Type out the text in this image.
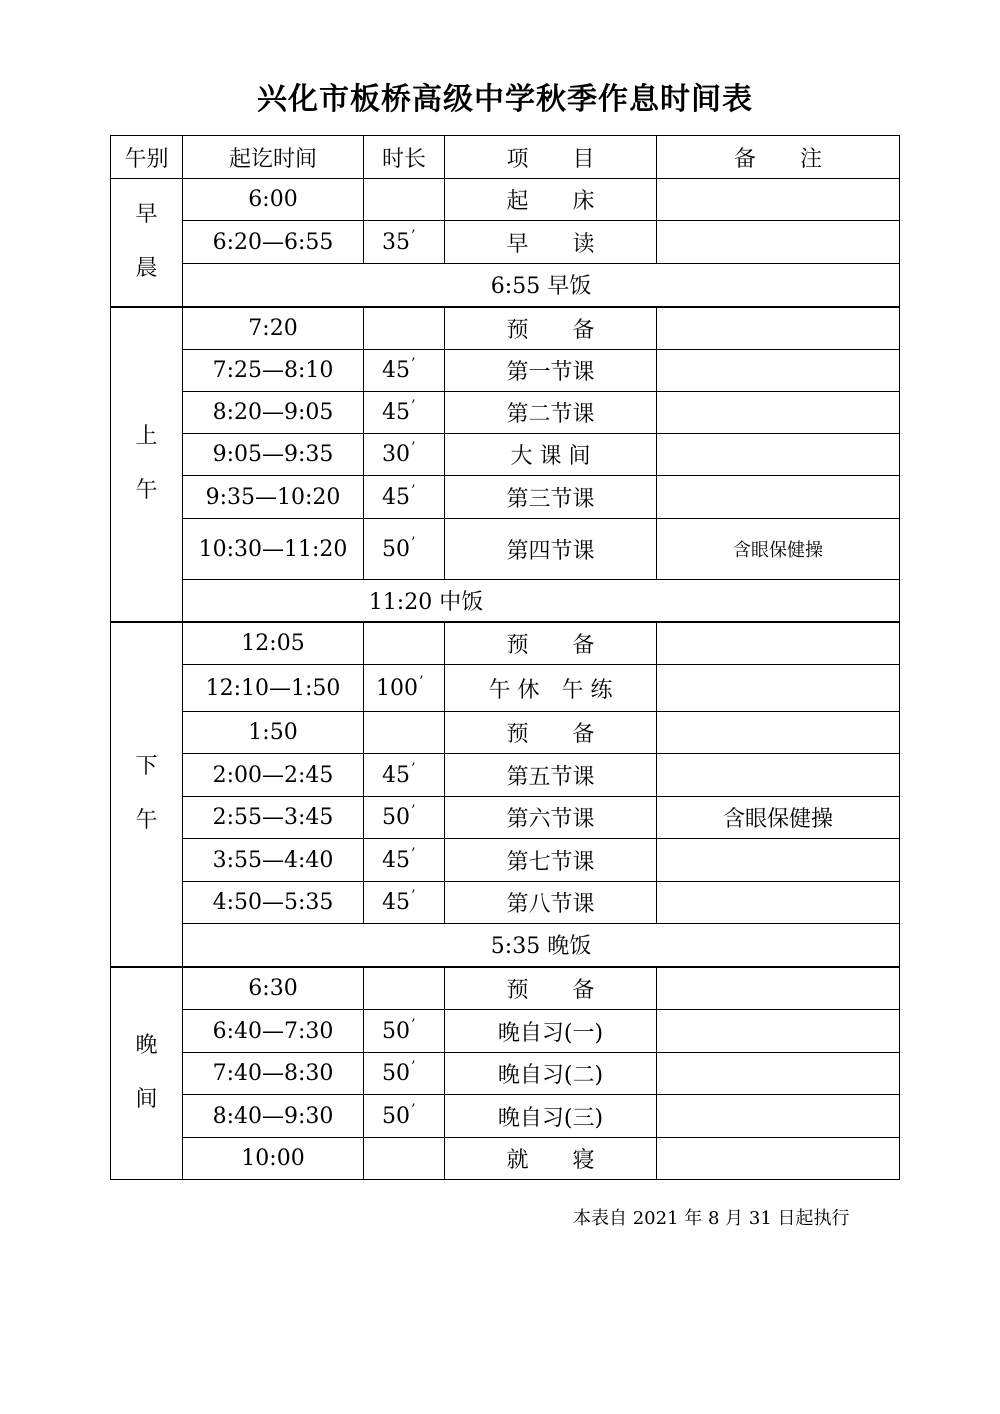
兴化市板桥高级中学秋季作息时间表
午别	起讫时间	时长	项　　目	备　　注

早
晨	6:00		起　　床	
	6:20—6:55	35’	早　　读	
	6:55 早饭			

上
午	7:20		预　　备	
	7:25—8:10	45’	第一节课	
	8:20—9:05	45’	第二节课	
	9:05—9:35	30’	大 课 间	
	9:35—10:20	45’	第三节课	
	10:30—11:20	50’	第四节课	含眼保健操
	11:20 中饭			

下
午	12:05		预　　备	
	12:10—1:50	100’	午 休　午 练	
	1:50		预　　备	
	2:00—2:45	45’	第五节课	
	2:55—3:45	50’	第六节课	含眼保健操
	3:55—4:40	45’	第七节课	
	4:50—5:35	45’	第八节课	
	5:35 晚饭			

晚
间	6:30		预　　备	
	6:40—7:30	50’	晚自习(一)	
	7:40—8:30	50’	晚自习(二)	
	8:40—9:30	50’	晚自习(三)	
	10:00		就　　寝	
本表自 2021 年 8 月 31 日起执行
